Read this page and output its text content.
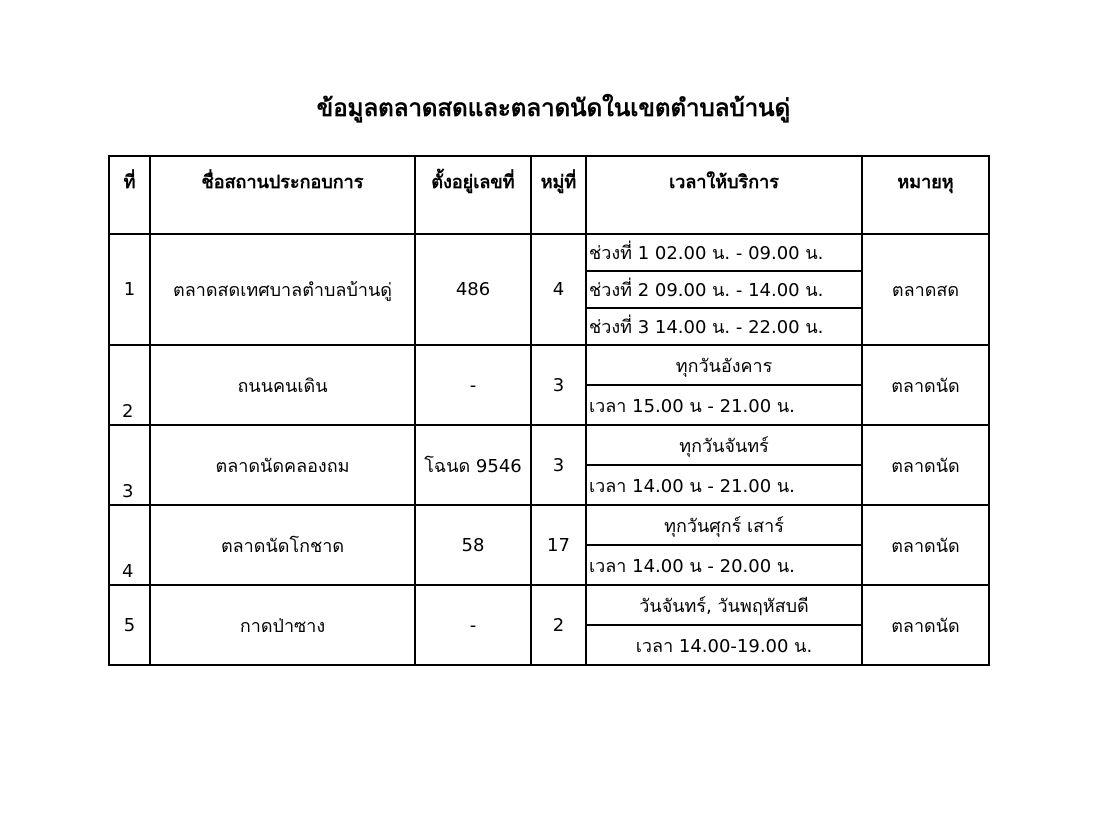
ข้อมูลตลาดสดและตลาดนัดในเขตตำบลบ้านดู่
ที่	ชื่อสถานประกอบการ	ตั้งอยู่เลขที่	หมู่ที่	เวลาให้บริการ	หมายหุ
1	ตลาดสดเทศบาลตำบลบ้านดู่	486	4	ช่วงที่ 1 02.00 น. - 09.00 น.	ตลาดสด
				ช่วงที่ 2 09.00 น. - 14.00 น.	
				ช่วงที่ 3 14.00 น. - 22.00 น.	
2	ถนนคนเดิน	-	3	ทุกวันอังคาร	ตลาดนัด
				เวลา 15.00 น - 21.00 น.	
3	ตลาดนัดคลองถม	โฉนด 9546	3	ทุกวันจันทร์	ตลาดนัด
				เวลา 14.00 น - 21.00 น.	
4	ตลาดนัดโกชาด	58	17	ทุกวันศุกร์ เสาร์	ตลาดนัด
				เวลา 14.00 น - 20.00 น.	
5	กาดป่าซาง	-	2	วันจันทร์, วันพฤหัสบดี	ตลาดนัด
				เวลา 14.00-19.00 น.	
